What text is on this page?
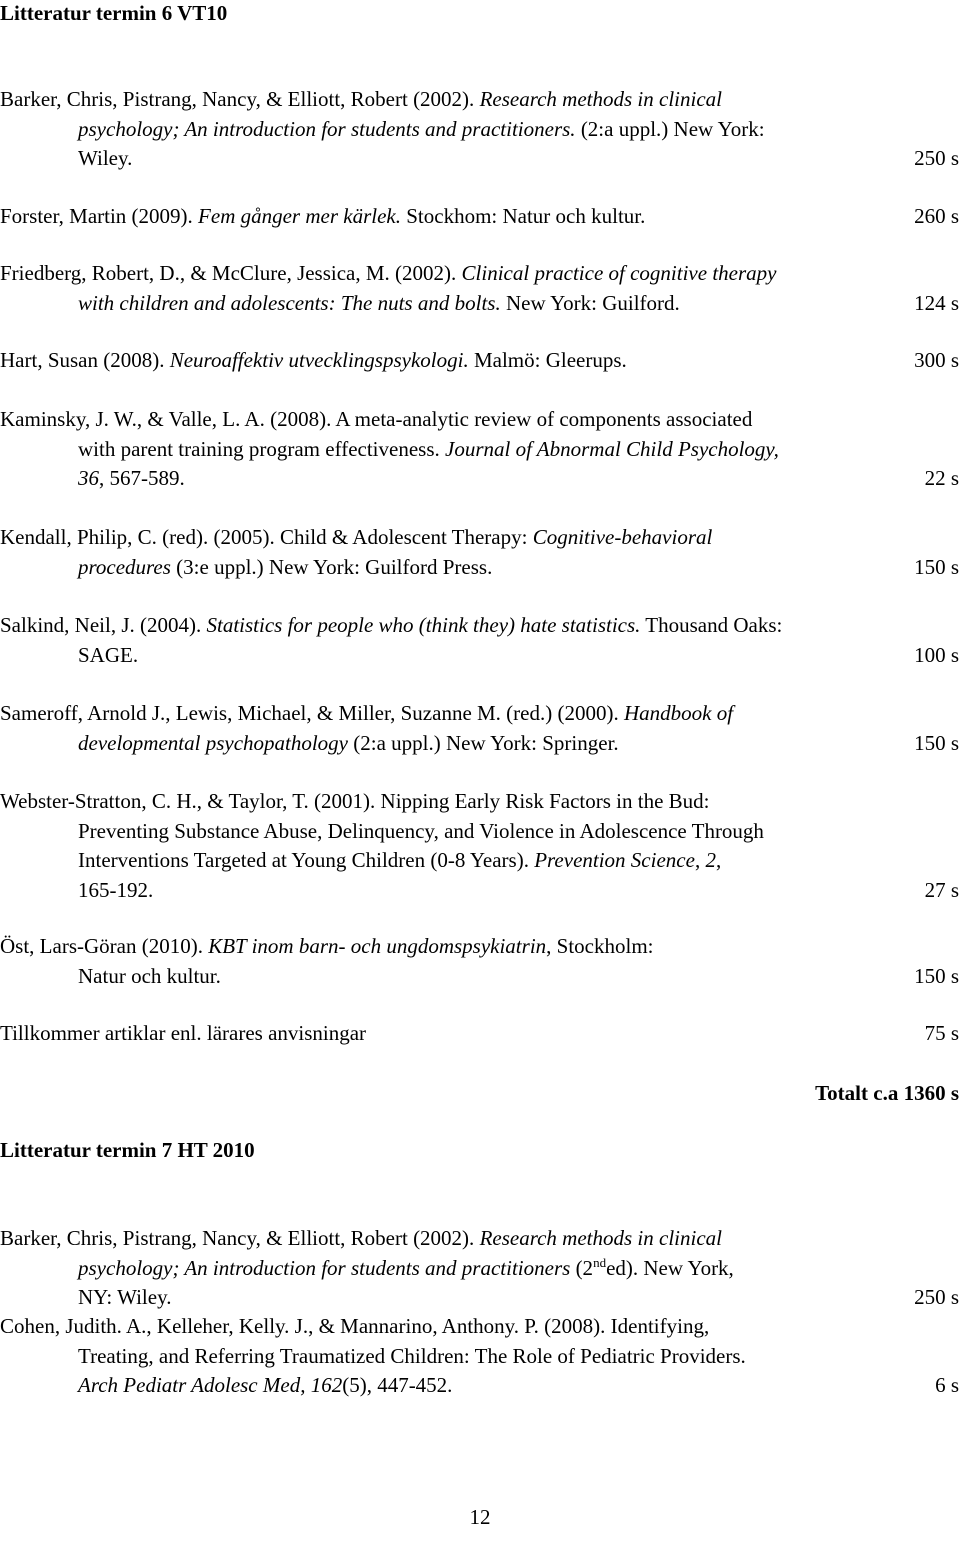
Litteratur termin 6 VT10
Litteratur termin 7 HT 2010
Totalt c.a 1360 s
12
Barker, Chris, Pistrang, Nancy, & Elliott, Robert (2002). Research methods in clinical
psychology; An introduction for students and practitioners. (2:a uppl.) New York:
Wiley.	250 s
Forster, Martin (2009). Fem gånger mer kärlek. Stockhom: Natur och kultur.	260 s
Friedberg, Robert, D., & McClure, Jessica, M. (2002). Clinical practice of cognitive therapy
with children and adolescents: The nuts and bolts. New York: Guilford.	124 s
Hart, Susan (2008). Neuroaffektiv utvecklingspsykologi. Malmö: Gleerups.	300 s
Kaminsky, J. W., & Valle, L. A. (2008). A meta-analytic review of components associated
with parent training program effectiveness. Journal of Abnormal Child Psychology,
36, 567-589.	22 s
Kendall, Philip, C. (red). (2005). Child & Adolescent Therapy: Cognitive-behavioral
procedures (3:e uppl.) New York: Guilford Press.	150 s
Salkind, Neil, J. (2004). Statistics for people who (think they) hate statistics. Thousand Oaks:
SAGE.	100 s
Sameroff, Arnold J., Lewis, Michael, & Miller, Suzanne M. (red.) (2000). Handbook of
developmental psychopathology (2:a uppl.) New York: Springer.	150 s
Webster-Stratton, C. H., & Taylor, T. (2001). Nipping Early Risk Factors in the Bud:
Preventing Substance Abuse, Delinquency, and Violence in Adolescence Through
Interventions Targeted at Young Children (0-8 Years). Prevention Science, 2,
165-192.	27 s
Öst, Lars-Göran (2010). KBT inom barn- och ungdomspsykiatrin, Stockholm:
Natur och kultur.	150 s
Tillkommer artiklar enl. lärares anvisningar	75 s
Barker, Chris, Pistrang, Nancy, & Elliott, Robert (2002). Research methods in clinical
psychology; An introduction for students and practitioners (2nded). New York,
NY: Wiley.	250 s
Cohen, Judith. A., Kelleher, Kelly. J., & Mannarino, Anthony. P. (2008). Identifying,
Treating, and Referring Traumatized Children: The Role of Pediatric Providers.
Arch Pediatr Adolesc Med, 162(5), 447-452.	6 s
